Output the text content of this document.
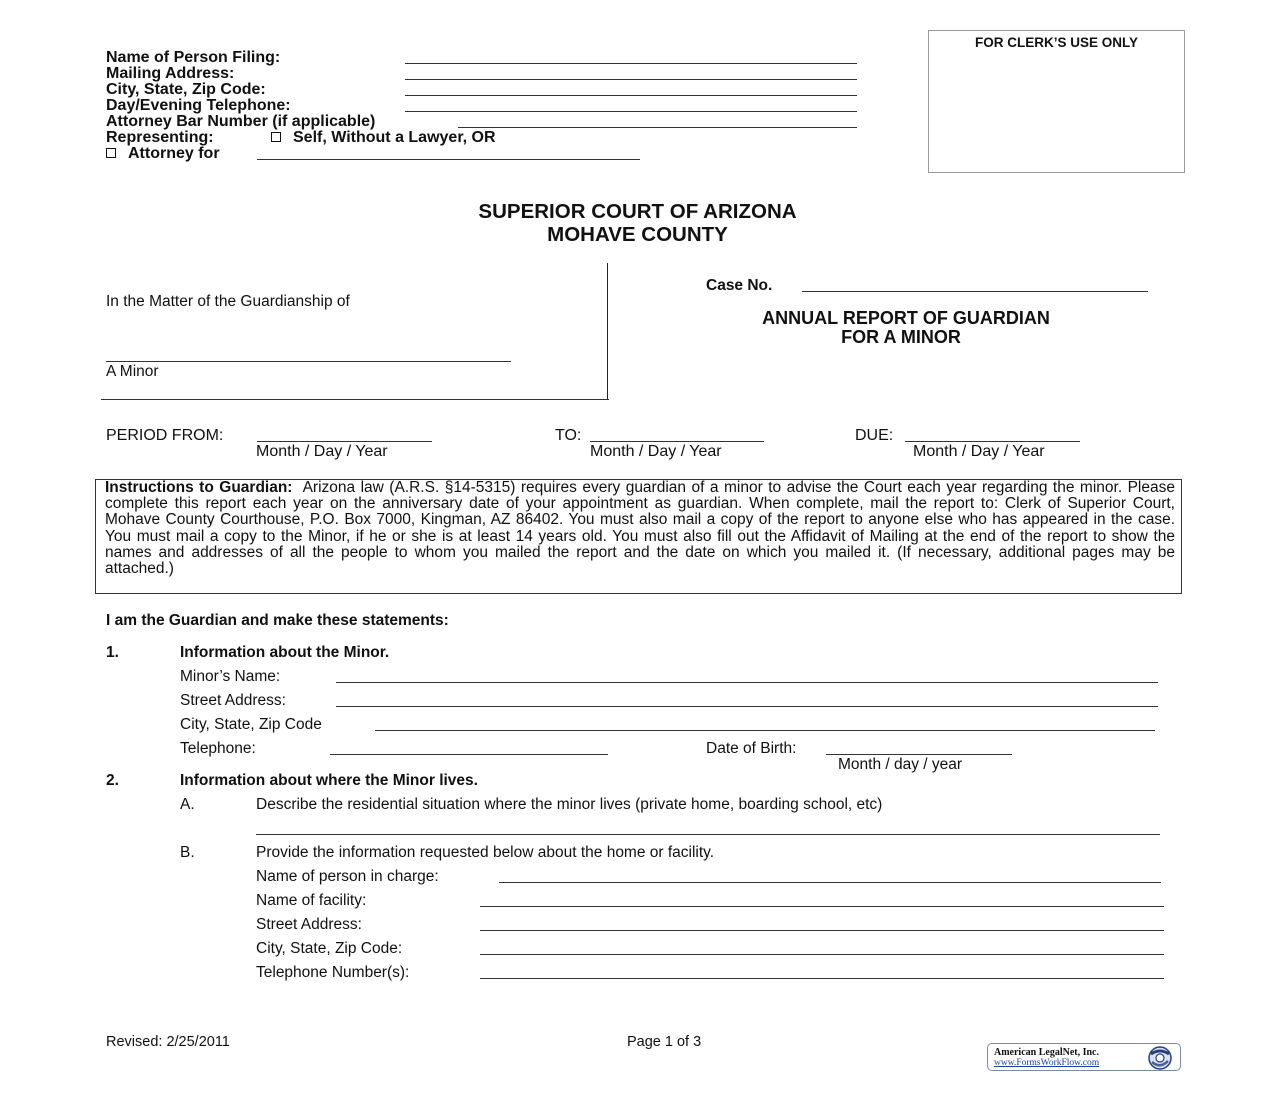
Name of Person Filing:
Mailing Address:
City, State, Zip Code:
Day/Evening Telephone:
Attorney Bar Number (if applicable)
Representing:	Self, Without a Lawyer, OR
Attorney for
FOR CLERK’S USE ONLY
SUPERIOR COURT OF ARIZONA
MOHAVE COUNTY
In the Matter of the Guardianship of
A Minor
Case No.
ANNUAL REPORT OF GUARDIAN
FOR A MINOR
PERIOD FROM:
Month / Day / Year
TO:
Month / Day / Year
DUE:
Month / Day / Year
Instructions to Guardian: Arizona law (A.R.S. §14-5315) requires every guardian of a minor to advise the Court each year regarding the minor. Please complete this report each year on the anniversary date of your appointment as guardian. When complete, mail the report to: Clerk of Superior Court, Mohave County Courthouse, P.O. Box 7000, Kingman, AZ 86402. You must also mail a copy of the report to anyone else who has appeared in the case. You must mail a copy to the Minor, if he or she is at least 14 years old. You must also fill out the Affidavit of Mailing at the end of the report to show the names and addresses of all the people to whom you mailed the report and the date on which you mailed it. (If necessary, additional pages may be attached.)
I am the Guardian and make these statements:
1.	Information about the Minor.
Minor’s Name:
Street Address:
City, State, Zip Code
Telephone:	Date of Birth:
Month / day / year
2.	Information about where the Minor lives.
A.	Describe the residential situation where the minor lives (private home, boarding school, etc)
B.	Provide the information requested below about the home or facility.
Name of person in charge:
Name of facility:
Street Address:
City, State, Zip Code:
Telephone Number(s):
Revised: 2/25/2011	Page 1 of 3
American LegalNet, Inc.
www.FormsWorkFlow.com
